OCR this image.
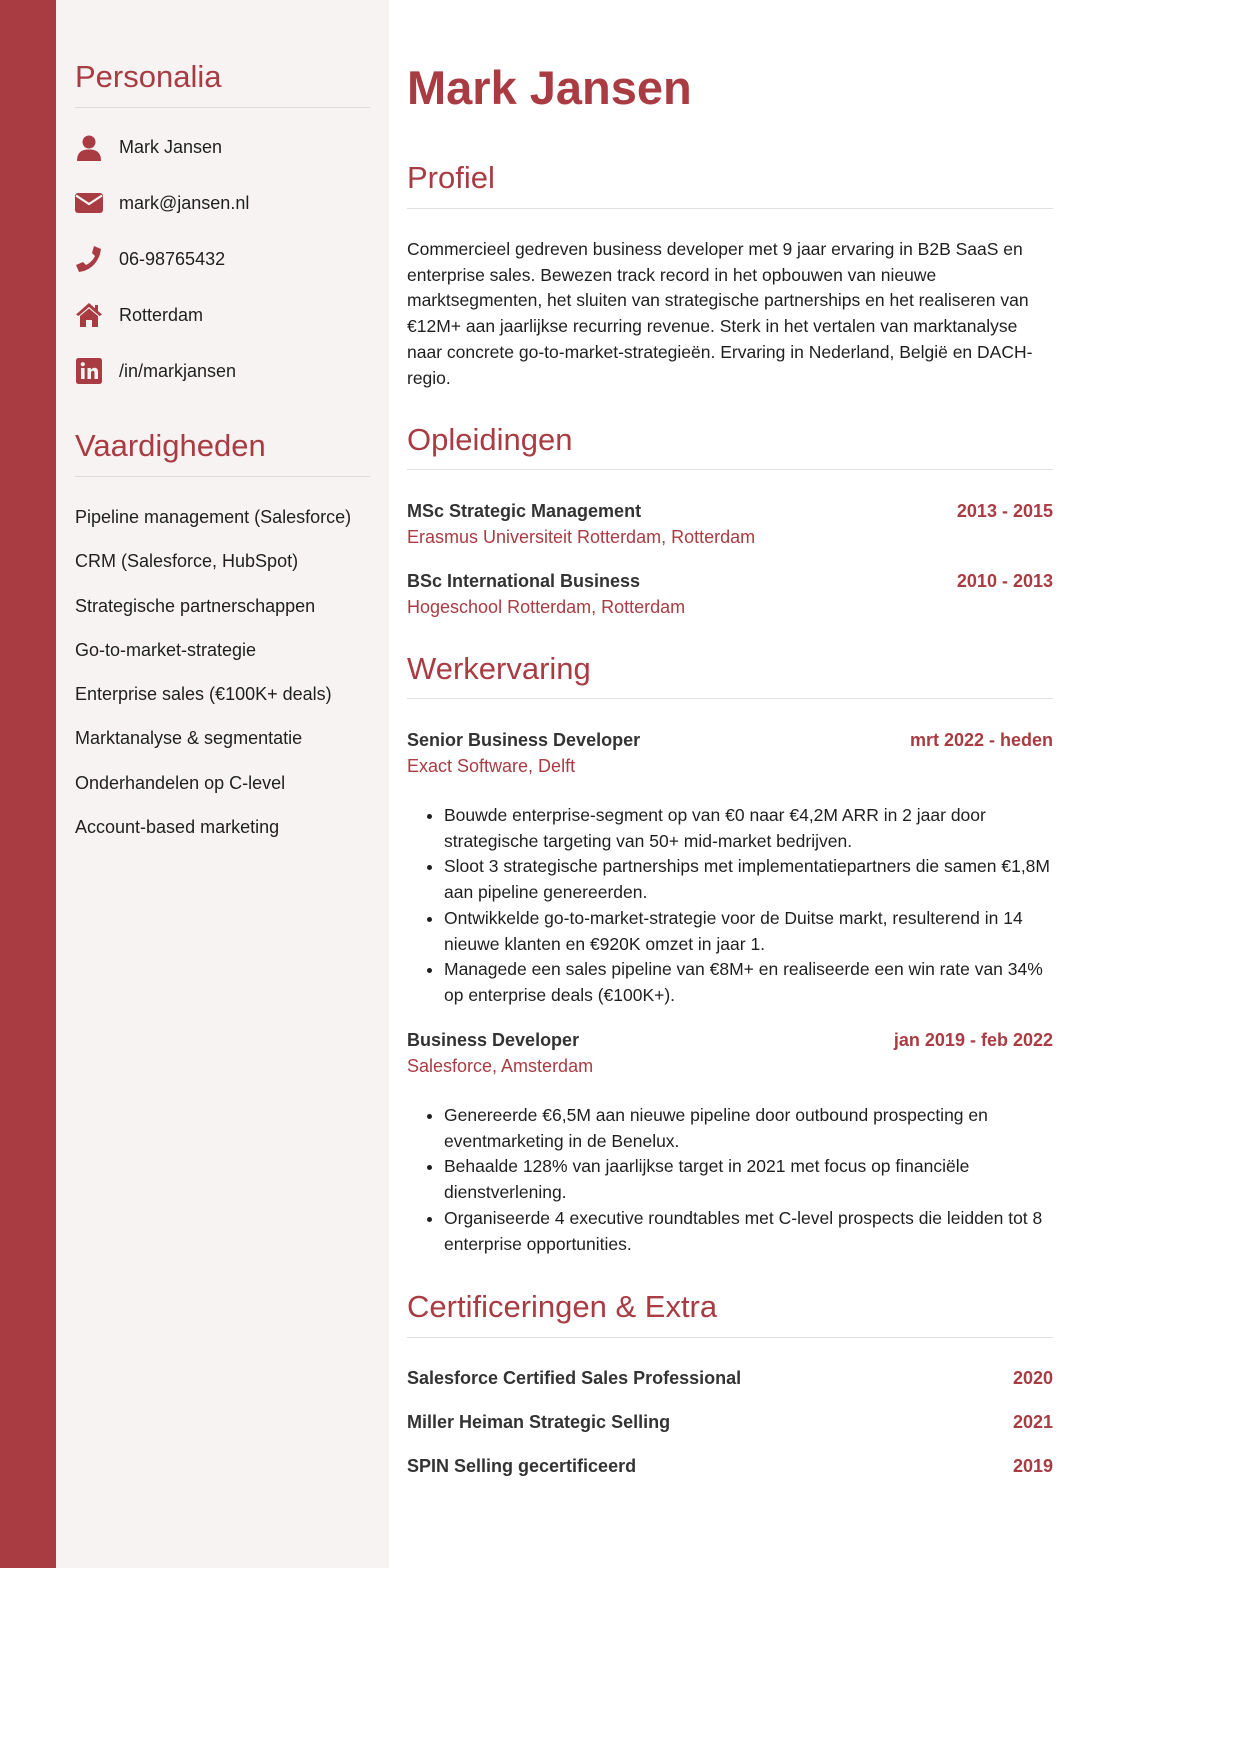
Personalia
Mark Jansen
mark@jansen.nl
06-98765432
Rotterdam
/in/markjansen
Vaardigheden
Pipeline management (Salesforce)
CRM (Salesforce, HubSpot)
Strategische partnerschappen
Go-to-market-strategie
Enterprise sales (€100K+ deals)
Marktanalyse & segmentatie
Onderhandelen op C-level
Account-based marketing
Mark Jansen
Profiel
Commercieel gedreven business developer met 9 jaar ervaring in B2B SaaS en enterprise sales. Bewezen track record in het opbouwen van nieuwe marktsegmenten, het sluiten van strategische partnerships en het realiseren van €12M+ aan jaarlijkse recurring revenue. Sterk in het vertalen van marktanalyse naar concrete go-to-market-strategieën. Ervaring in Nederland, België en DACH-regio.
Opleidingen
MSc Strategic Management	2013 - 2015
Erasmus Universiteit Rotterdam, Rotterdam
BSc International Business	2010 - 2013
Hogeschool Rotterdam, Rotterdam
Werkervaring
Senior Business Developer	mrt 2022 - heden
Exact Software, Delft
• Bouwde enterprise-segment op van €0 naar €4,2M ARR in 2 jaar door strategische targeting van 50+ mid-market bedrijven.
• Sloot 3 strategische partnerships met implementatiepartners die samen €1,8M aan pipeline genereerden.
• Ontwikkelde go-to-market-strategie voor de Duitse markt, resulterend in 14 nieuwe klanten en €920K omzet in jaar 1.
• Managede een sales pipeline van €8M+ en realiseerde een win rate van 34% op enterprise deals (€100K+).
Business Developer	jan 2019 - feb 2022
Salesforce, Amsterdam
• Genereerde €6,5M aan nieuwe pipeline door outbound prospecting en eventmarketing in de Benelux.
• Behaalde 128% van jaarlijkse target in 2021 met focus op financiële dienstverlening.
• Organiseerde 4 executive roundtables met C-level prospects die leidden tot 8 enterprise opportunities.
Certificeringen & Extra
Salesforce Certified Sales Professional	2020
Miller Heiman Strategic Selling	2021
SPIN Selling gecertificeerd	2019
